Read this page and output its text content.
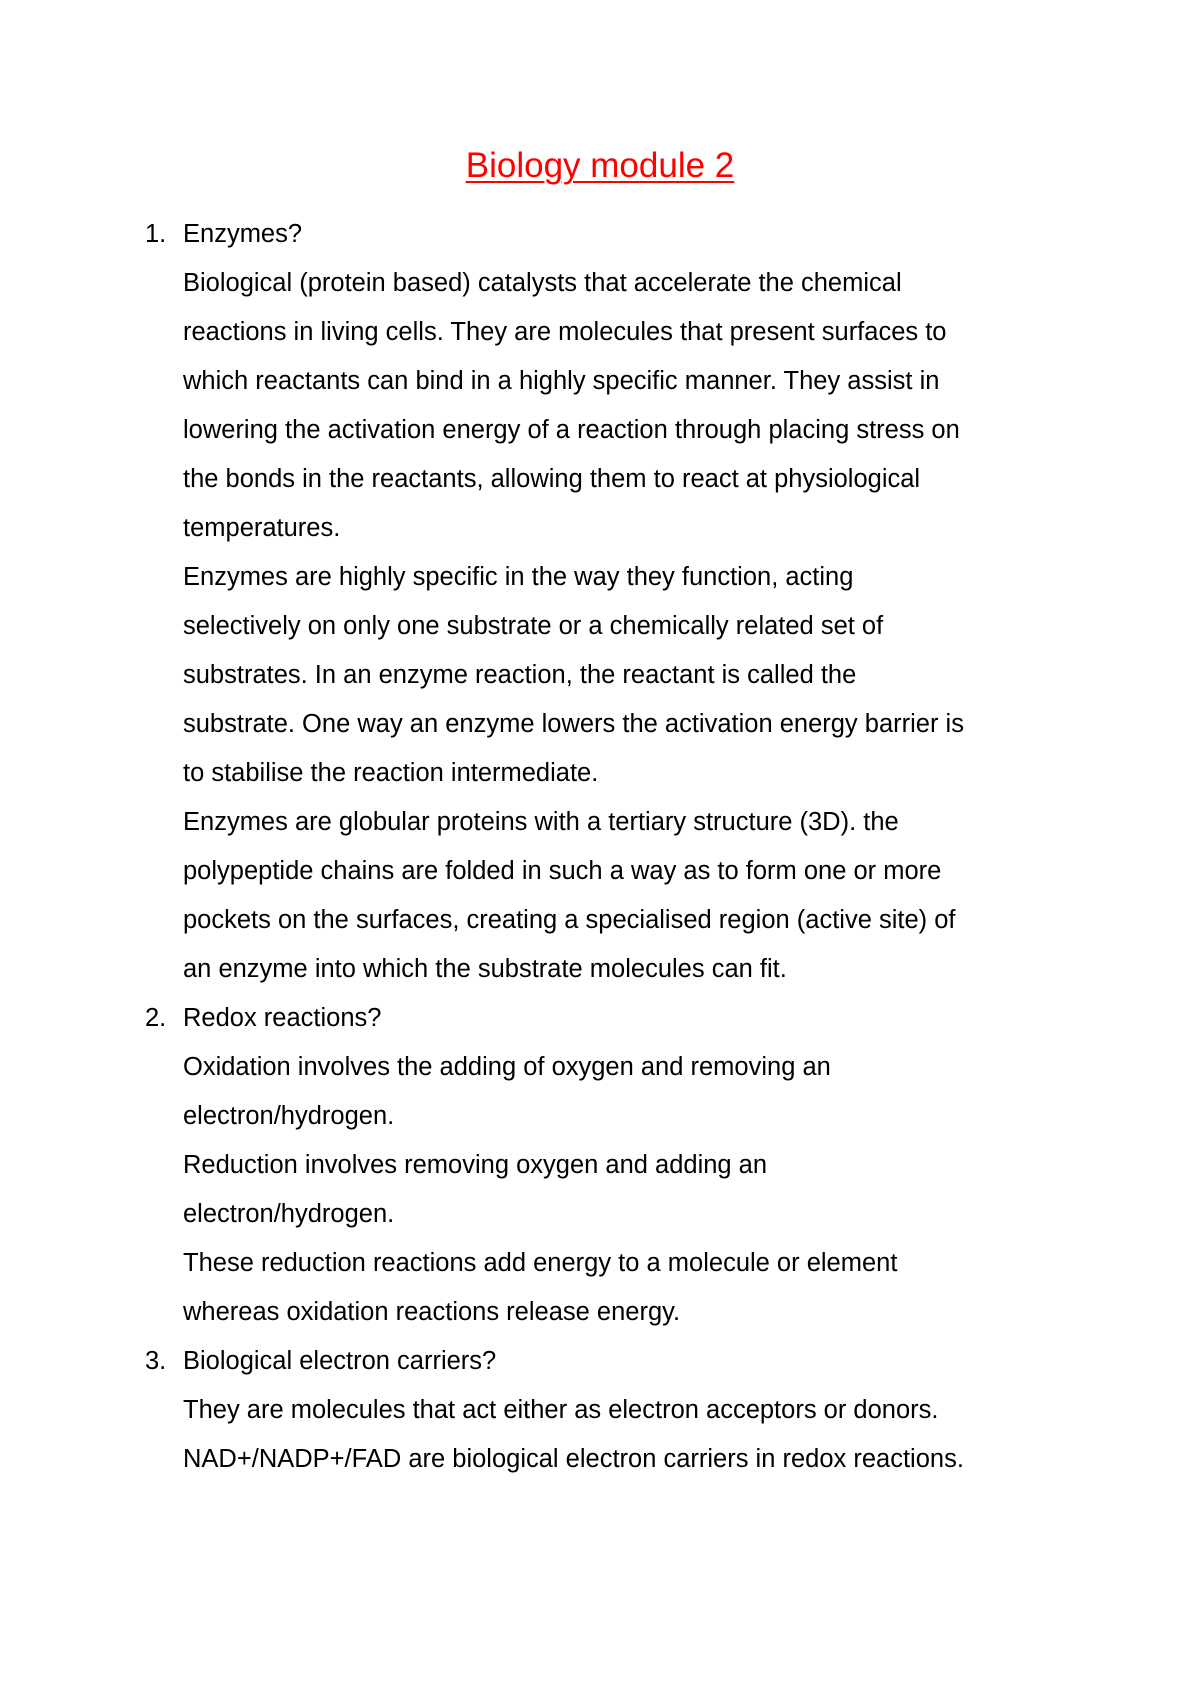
Biology module 2
1. Enzymes?
Biological (protein based) catalysts that accelerate the chemical
reactions in living cells. They are molecules that present surfaces to
which reactants can bind in a highly specific manner. They assist in
lowering the activation energy of a reaction through placing stress on
the bonds in the reactants, allowing them to react at physiological
temperatures.
Enzymes are highly specific in the way they function, acting
selectively on only one substrate or a chemically related set of
substrates. In an enzyme reaction, the reactant is called the
substrate. One way an enzyme lowers the activation energy barrier is
to stabilise the reaction intermediate.
Enzymes are globular proteins with a tertiary structure (3D). the
polypeptide chains are folded in such a way as to form one or more
pockets on the surfaces, creating a specialised region (active site) of
an enzyme into which the substrate molecules can fit.
2. Redox reactions?
Oxidation involves the adding of oxygen and removing an
electron/hydrogen.
Reduction involves removing oxygen and adding an
electron/hydrogen.
These reduction reactions add energy to a molecule or element
whereas oxidation reactions release energy.
3. Biological electron carriers?
They are molecules that act either as electron acceptors or donors.
NAD+/NADP+/FAD are biological electron carriers in redox reactions.
